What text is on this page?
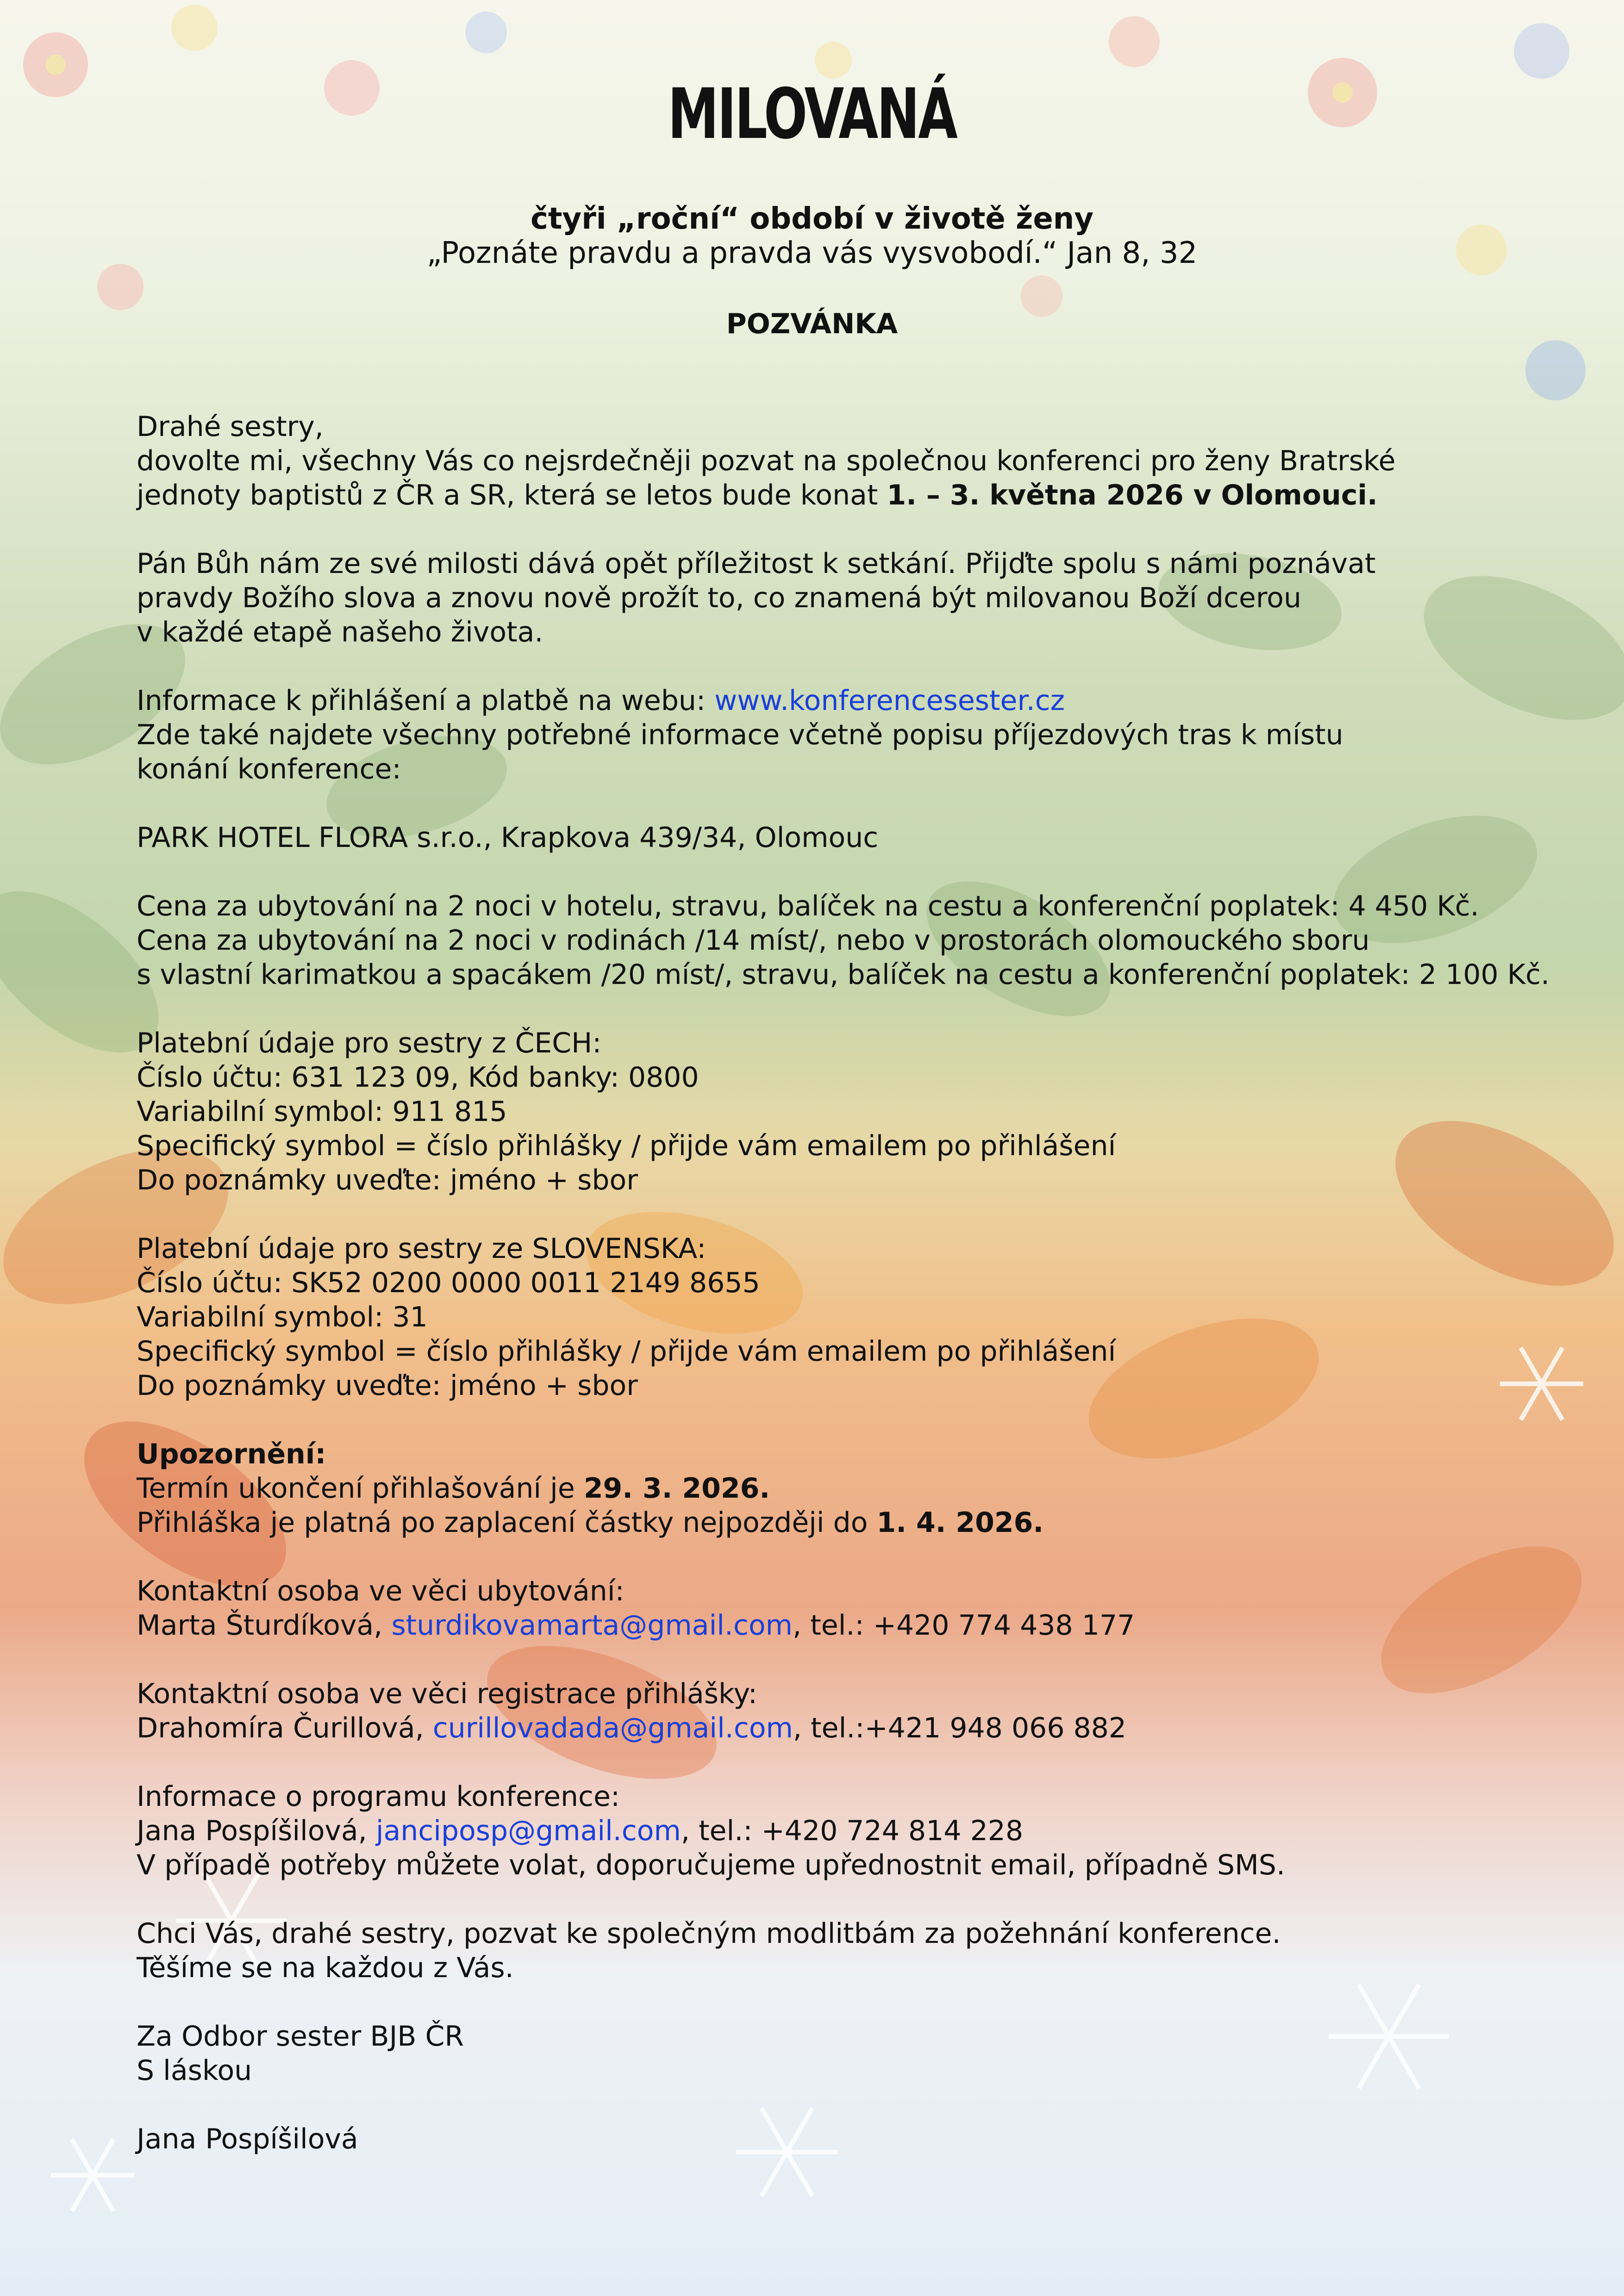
MILOVANÁ
čtyři „roční“ období v životě ženy
„Poznáte pravdu a pravda vás vysvobodí.“ Jan 8, 32
POZVÁNKA

Drahé sestry,
dovolte mi, všechny Vás co nejsrdečněji pozvat na společnou konferenci pro ženy Bratrské
jednoty baptistů z ČR a SR, která se letos bude konat 1. – 3. května 2026 v Olomouci.

Pán Bůh nám ze své milosti dává opět příležitost k setkání. Přijďte spolu s námi poznávat
pravdy Božího slova a znovu nově prožít to, co znamená být milovanou Boží dcerou
v každé etapě našeho života.

Informace k přihlášení a platbě na webu: www.konferencesester.cz
Zde také najdete všechny potřebné informace včetně popisu příjezdových tras k místu
konání konference:

PARK HOTEL FLORA s.r.o., Krapkova 439/34, Olomouc

Cena za ubytování na 2 noci v hotelu, stravu, balíček na cestu a konferenční poplatek: 4 450 Kč.
Cena za ubytování na 2 noci v rodinách /14 míst/, nebo v prostorách olomouckého sboru
s vlastní karimatkou a spacákem /20 míst/, stravu, balíček na cestu a konferenční poplatek: 2 100 Kč.

Platební údaje pro sestry z ČECH:
Číslo účtu: 631 123 09, Kód banky: 0800
Variabilní symbol: 911 815
Specifický symbol = číslo přihlášky / přijde vám emailem po přihlášení
Do poznámky uveďte: jméno + sbor

Platební údaje pro sestry ze SLOVENSKA:
Číslo účtu: SK52 0200 0000 0011 2149 8655
Variabilní symbol: 31
Specifický symbol = číslo přihlášky / přijde vám emailem po přihlášení
Do poznámky uveďte: jméno + sbor

Upozornění:
Termín ukončení přihlašování je 29. 3. 2026.
Přihláška je platná po zaplacení částky nejpozději do 1. 4. 2026.

Kontaktní osoba ve věci ubytování:
Marta Šturdíková, sturdikovamarta@gmail.com, tel.: +420 774 438 177

Kontaktní osoba ve věci registrace přihlášky:
Drahomíra Čurillová, curillovadada@gmail.com, tel.:+421 948 066 882

Informace o programu konference:
Jana Pospíšilová, janciposp@gmail.com, tel.: +420 724 814 228
V případě potřeby můžete volat, doporučujeme upřednostnit email, případně SMS.

Chci Vás, drahé sestry, pozvat ke společným modlitbám za požehnání konference.
Těšíme se na každou z Vás.

Za Odbor sester BJB ČR
S láskou

Jana Pospíšilová
